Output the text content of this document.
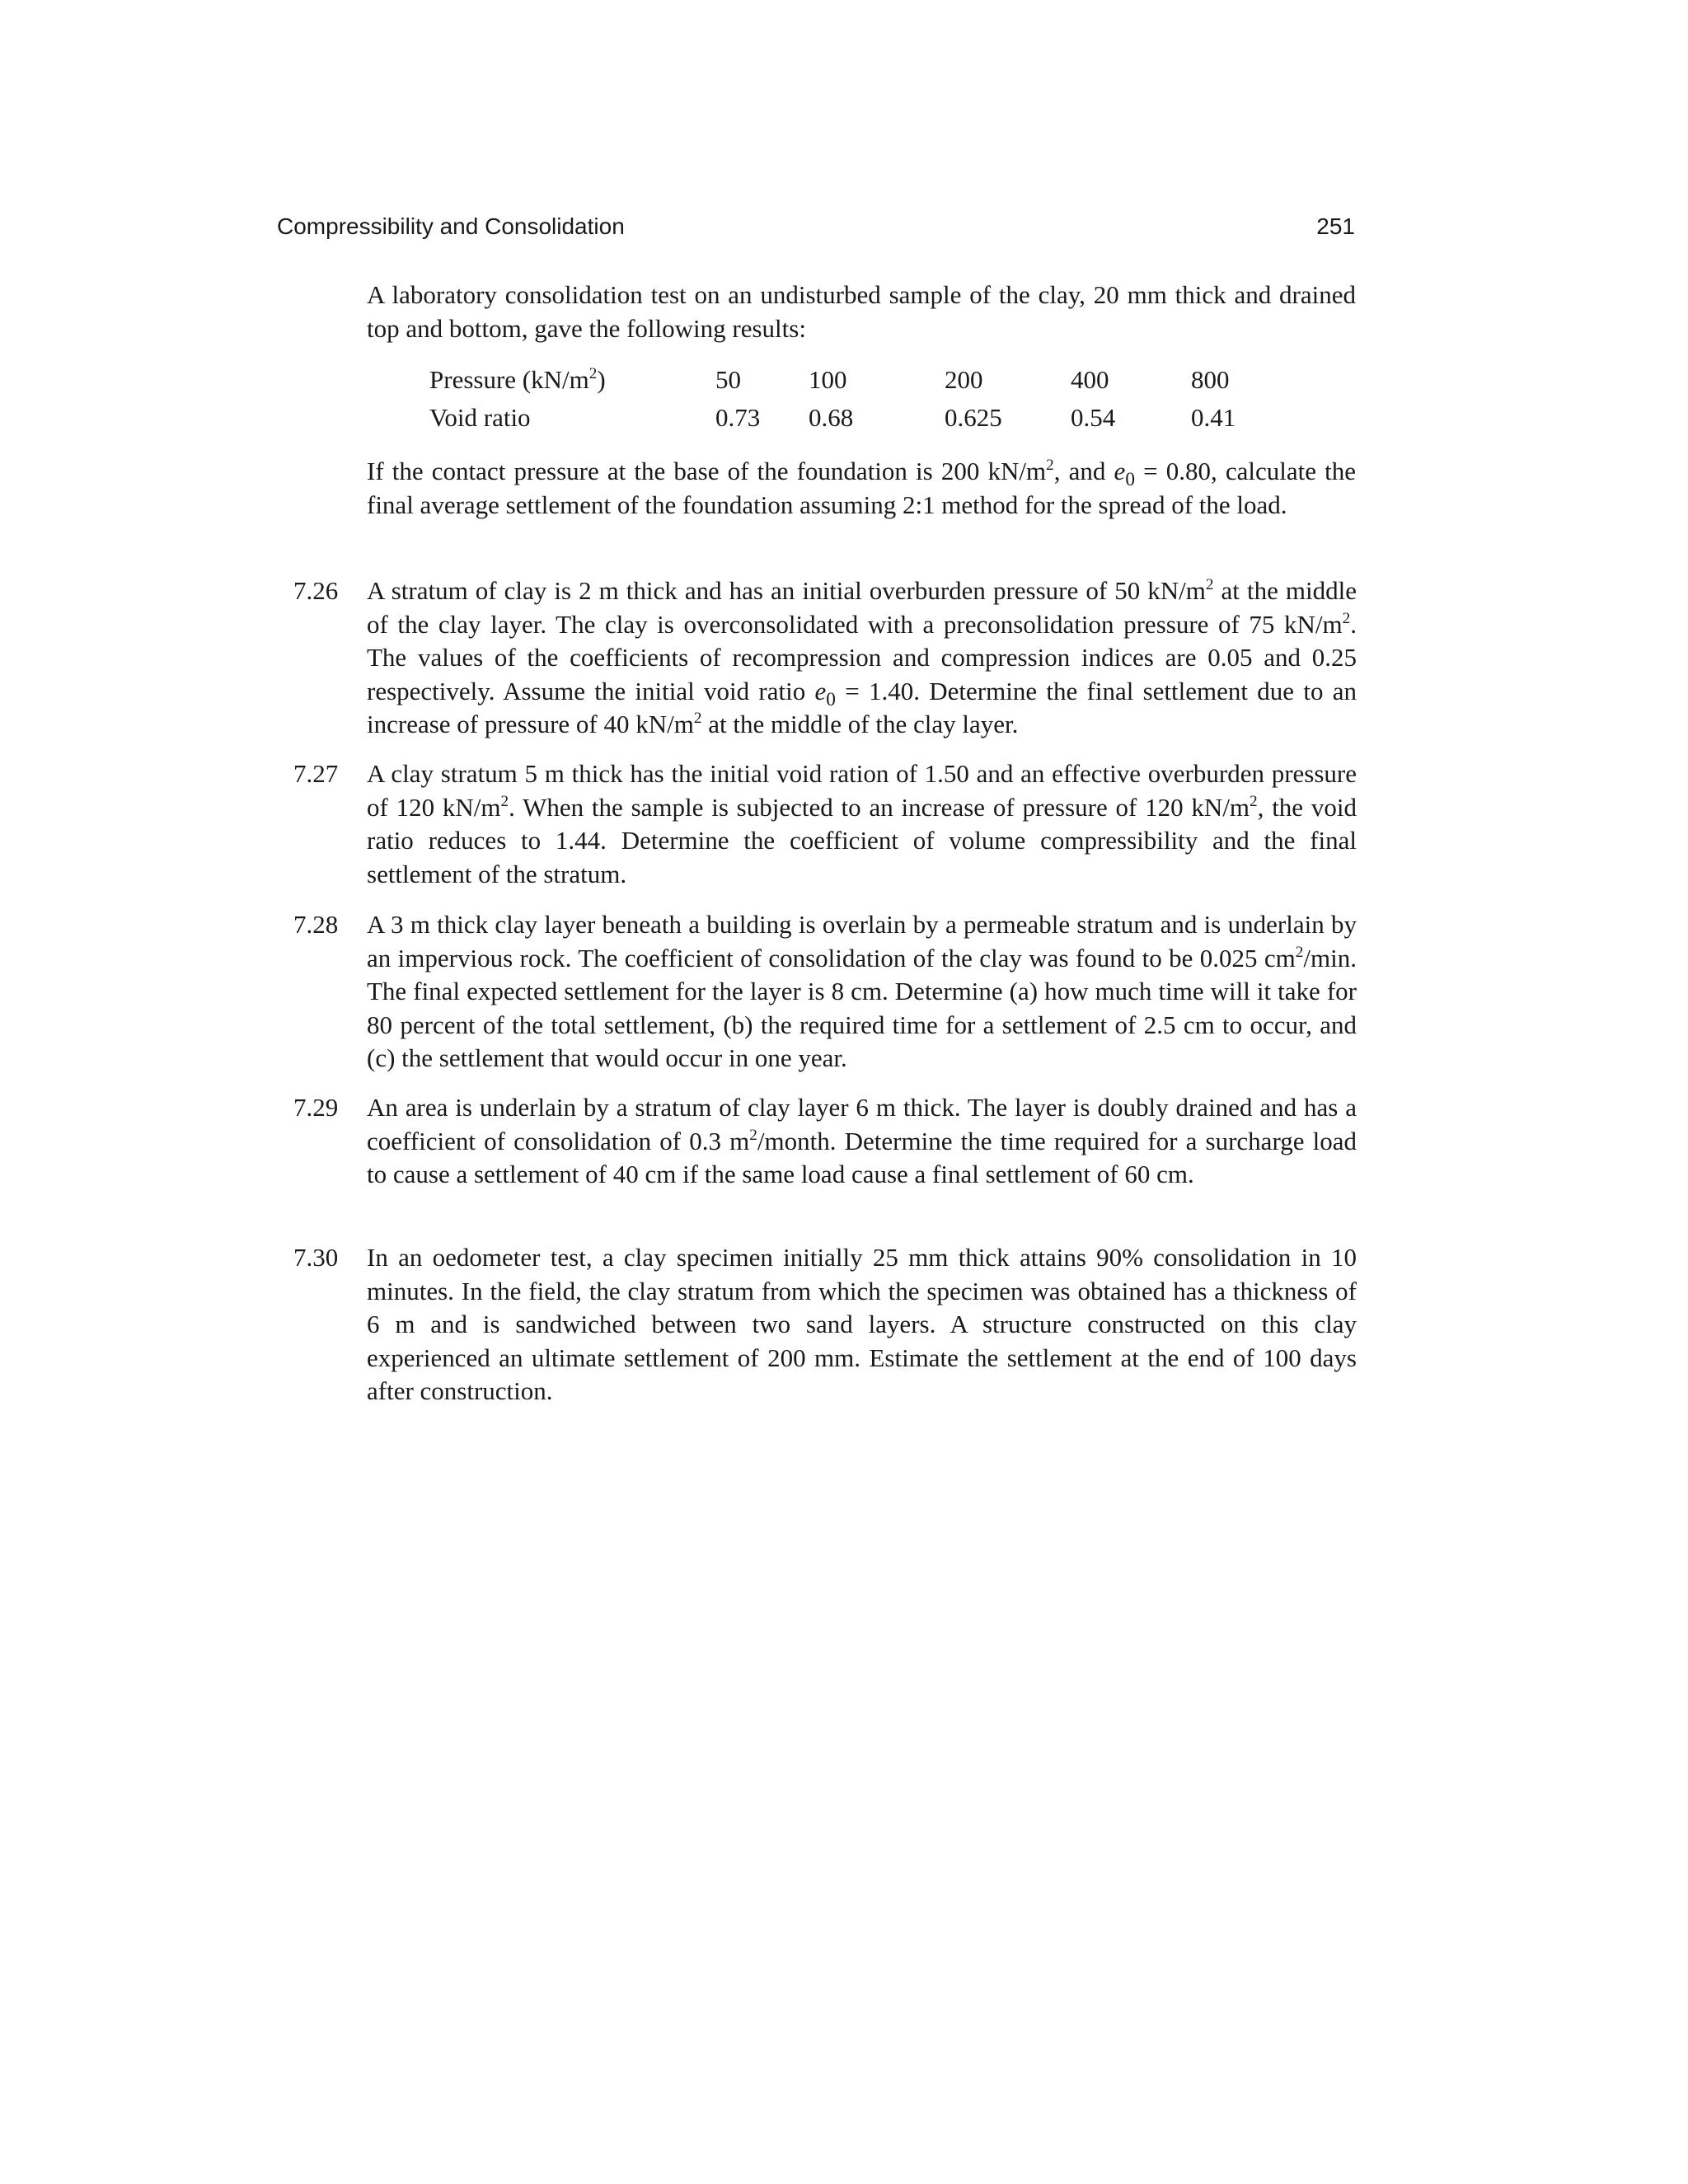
Compressibility and Consolidation	251

A laboratory consolidation test on an undisturbed sample of the clay, 20 mm thick and drained top and bottom, gave the following results:

Pressure $(kN/m^2)$	50	100	200	400	800
Void ratio	0.73	0.68	0.625	0.54	0.41

If the contact pressure at the base of the foundation is 200 $kN/m^2$, and $e_0 = 0.80$, calculate the final average settlement of the foundation assuming 2:1 method for the spread of the load.

7.26	A stratum of clay is 2 m thick and has an initial overburden pressure of 50 $kN/m^2$ at the middle of the clay layer. The clay is overconsolidated with a preconsolidation pressure of 75 $kN/m^2$. The values of the coefficients of recompression and compression indices are 0.05 and 0.25 respectively. Assume the initial void ratio $e_0 = 1.40$. Determine the final settlement due to an increase of pressure of 40 $kN/m^2$ at the middle of the clay layer.

7.27	A clay stratum 5 m thick has the initial void ration of 1.50 and an effective overburden pressure of 120 $kN/m^2$. When the sample is subjected to an increase of pressure of 120 $kN/m^2$, the void ratio reduces to 1.44. Determine the coefficient of volume compressibility and the final settlement of the stratum.

7.28	A 3 m thick clay layer beneath a building is overlain by a permeable stratum and is underlain by an impervious rock. The coefficient of consolidation of the clay was found to be 0.025 $cm^2/\min$. The final expected settlement for the layer is 8 cm. Determine (a) how much time will it take for 80 percent of the total settlement, (b) the required time for a settlement of 2.5 cm to occur, and (c) the settlement that would occur in one year.

7.29	An area is underlain by a stratum of clay layer 6 m thick. The layer is doubly drained and has a coefficient of consolidation of 0.3 $m^2$/month. Determine the time required for a surcharge load to cause a settlement of 40 cm if the same load cause a final settlement of 60 cm.

7.30	In an oedometer test, a clay specimen initially 25 mm thick attains 90% consolidation in 10 minutes. In the field, the clay stratum from which the specimen was obtained has a thickness of 6 m and is sandwiched between two sand layers. A structure constructed on this clay experienced an ultimate settlement of 200 mm. Estimate the settlement at the end of 100 days after construction.
